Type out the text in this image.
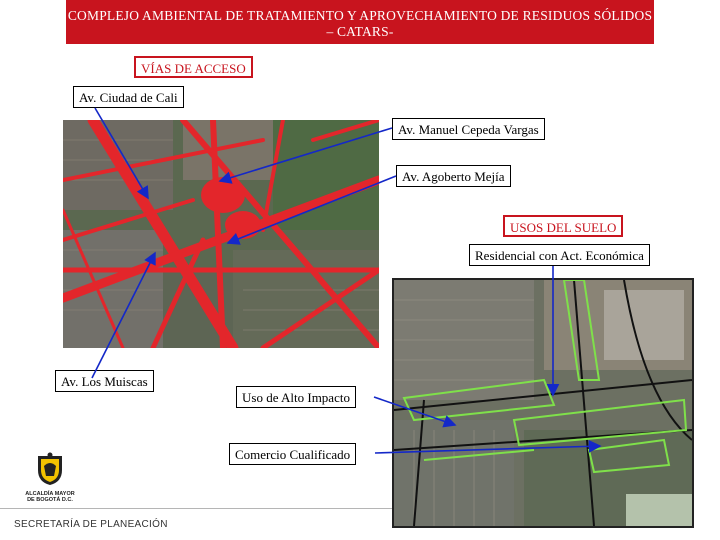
COMPLEJO AMBIENTAL DE TRATAMIENTO Y APROVECHAMIENTO DE RESIDUOS SÓLIDOS – CATARS-
VÍAS DE ACCESO
USOS DEL SUELO
Av. Ciudad de Cali
Av. Manuel Cepeda Vargas
Av. Agoberto Mejía
Av. Los Muiscas
Residencial con Act. Económica
Uso de Alto Impacto
Comercio Cualificado
ALCALDÍA MAYOR
DE BOGOTÁ D.C.
SECRETARÍA DE PLANEACIÓN
